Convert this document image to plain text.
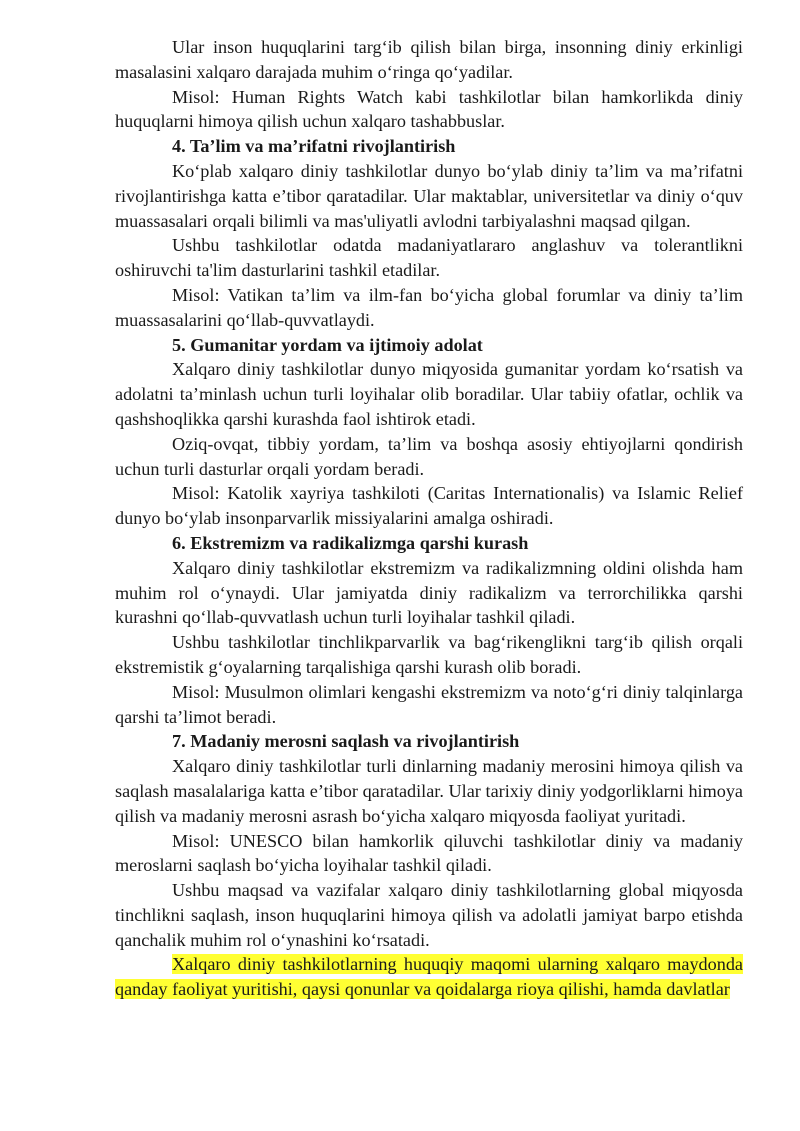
Ular inson huquqlarini targ‘ib qilish bilan birga, insonning diniy erkinligi masalasini xalqaro darajada muhim o‘ringa qo‘yadilar.

Misol: Human Rights Watch kabi tashkilotlar bilan hamkorlikda diniy huquqlarni himoya qilish uchun xalqaro tashabbuslar.

4. Ta’lim va ma’rifatni rivojlantirish

Ko‘plab xalqaro diniy tashkilotlar dunyo bo‘ylab diniy ta’lim va ma’rifatni rivojlantirishga katta e’tibor qaratadilar. Ular maktablar, universitetlar va diniy o‘quv muassasalari orqali bilimli va mas'uliyatli avlodni tarbiyalashni maqsad qilgan.

Ushbu tashkilotlar odatda madaniyatlararo anglashuv va tolerantlikni oshiruvchi ta'lim dasturlarini tashkil etadilar.

Misol: Vatikan ta’lim va ilm-fan bo‘yicha global forumlar va diniy ta’lim muassasalarini qo‘llab-quvvatlaydi.

5. Gumanitar yordam va ijtimoiy adolat

Xalqaro diniy tashkilotlar dunyo miqyosida gumanitar yordam ko‘rsatish va adolatni ta’minlash uchun turli loyihalar olib boradilar. Ular tabiiy ofatlar, ochlik va qashshoqlikka qarshi kurashda faol ishtirok etadi.

Oziq-ovqat, tibbiy yordam, ta’lim va boshqa asosiy ehtiyojlarni qondirish uchun turli dasturlar orqali yordam beradi.

Misol: Katolik xayriya tashkiloti (Caritas Internationalis) va Islamic Relief dunyo bo‘ylab insonparvarlik missiyalarini amalga oshiradi.

6. Ekstremizm va radikalizmga qarshi kurash

Xalqaro diniy tashkilotlar ekstremizm va radikalizmning oldini olishda ham muhim rol o‘ynaydi. Ular jamiyatda diniy radikalizm va terrorchilikka qarshi kurashni qo‘llab-quvvatlash uchun turli loyihalar tashkil qiladi.

Ushbu tashkilotlar tinchlikparvarlik va bag‘rikenglikni targ‘ib qilish orqali ekstremistik g‘oyalarning tarqalishiga qarshi kurash olib boradi.

Misol: Musulmon olimlari kengashi ekstremizm va noto‘g‘ri diniy talqinlarga qarshi ta’limot beradi.

7. Madaniy merosni saqlash va rivojlantirish

Xalqaro diniy tashkilotlar turli dinlarning madaniy merosini himoya qilish va saqlash masalalariga katta e’tibor qaratadilar. Ular tarixiy diniy yodgorliklarni himoya qilish va madaniy merosni asrash bo‘yicha xalqaro miqyosda faoliyat yuritadi.

Misol: UNESCO bilan hamkorlik qiluvchi tashkilotlar diniy va madaniy meroslarni saqlash bo‘yicha loyihalar tashkil qiladi.

Ushbu maqsad va vazifalar xalqaro diniy tashkilotlarning global miqyosda tinchlikni saqlash, inson huquqlarini himoya qilish va adolatli jamiyat barpo etishda qanchalik muhim rol o‘ynashini ko‘rsatadi.

Xalqaro diniy tashkilotlarning huquqiy maqomi ularning xalqaro maydonda qanday faoliyat yuritishi, qaysi qonunlar va qoidalarga rioya qilishi, hamda davlatlar
